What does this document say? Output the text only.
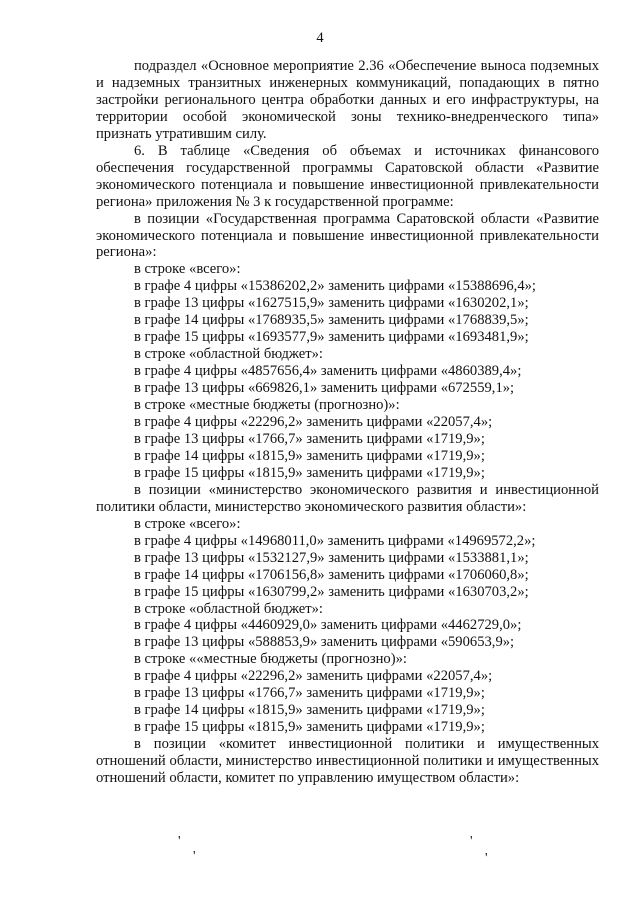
4

подраздел «Основное мероприятие 2.36 «Обеспечение выноса подземных и надземных транзитных инженерных коммуникаций, попадающих в пятно застройки регионального центра обработки данных и его инфраструктуры, на территории особой экономической зоны технико-внедренческого типа» признать утратившим силу.

6. В таблице «Сведения об объемах и источниках финансового обеспечения государственной программы Саратовской области «Развитие экономического потенциала и повышение инвестиционной привлекательности региона» приложения № 3 к государственной программе:

в позиции «Государственная программа Саратовской области «Развитие экономического потенциала и повышение инвестиционной привлекательности региона»:

в строке «всего»:

в графе 4 цифры «15386202,2» заменить цифрами «15388696,4»;

в графе 13 цифры «1627515,9» заменить цифрами «1630202,1»;

в графе 14 цифры «1768935,5» заменить цифрами «1768839,5»;

в графе 15 цифры «1693577,9» заменить цифрами «1693481,9»;

в строке «областной бюджет»:

в графе 4 цифры «4857656,4» заменить цифрами «4860389,4»;

в графе 13 цифры «669826,1» заменить цифрами «672559,1»;

в строке «местные бюджеты (прогнозно)»:

в графе 4 цифры «22296,2» заменить цифрами «22057,4»;

в графе 13 цифры «1766,7» заменить цифрами «1719,9»;

в графе 14 цифры «1815,9» заменить цифрами «1719,9»;

в графе 15 цифры «1815,9» заменить цифрами «1719,9»;

в позиции «министерство экономического развития и инвестиционной политики области, министерство экономического развития области»:

в строке «всего»:

в графе 4 цифры «14968011,0» заменить цифрами «14969572,2»;

в графе 13 цифры «1532127,9» заменить цифрами «1533881,1»;

в графе 14 цифры «1706156,8» заменить цифрами «1706060,8»;

в графе 15 цифры «1630799,2» заменить цифрами «1630703,2»;

в строке «областной бюджет»:

в графе 4 цифры «4460929,0» заменить цифрами «4462729,0»;

в графе 13 цифры «588853,9» заменить цифрами «590653,9»;

в строке ««местные бюджеты (прогнозно)»:

в графе 4 цифры «22296,2» заменить цифрами «22057,4»;

в графе 13 цифры «1766,7» заменить цифрами «1719,9»;

в графе 14 цифры «1815,9» заменить цифрами «1719,9»;

в графе 15 цифры «1815,9» заменить цифрами «1719,9»;

в позиции «комитет инвестиционной политики и имущественных отношений области, министерство инвестиционной политики и имущественных отношений области, комитет по управлению имуществом области»:

'	'
'	'
